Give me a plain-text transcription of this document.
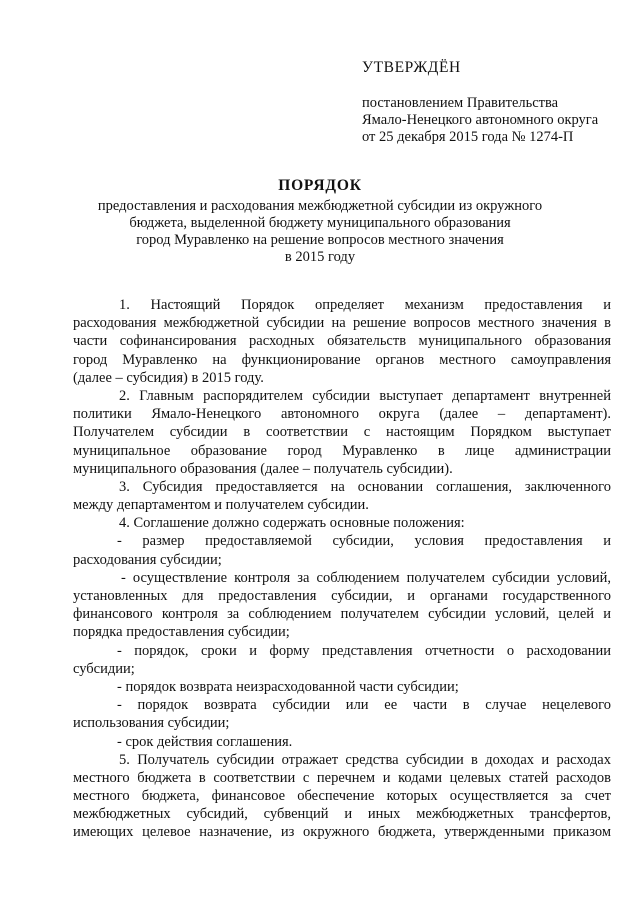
УТВЕРЖДЁН
постановлением Правительства
Ямало-Ненецкого автономного округа
от 25 декабря 2015 года № 1274-П
ПОРЯДОК
предоставления и расходования межбюджетной субсидии из окружного
бюджета, выделенной бюджету муниципального образования
город Муравленко на решение вопросов местного значения
в 2015 году
1. Настоящий Порядок определяет механизм предоставления и
расходования межбюджетной субсидии на решение вопросов местного значения в
части софинансирования расходных обязательств муниципального образования
город Муравленко на функционирование органов местного самоуправления
(далее – субсидия) в 2015 году.
2. Главным распорядителем субсидии выступает департамент внутренней
политики Ямало-Ненецкого автономного округа (далее – департамент).
Получателем субсидии в соответствии с настоящим Порядком выступает
муниципальное образование город Муравленко в лице администрации
муниципального образования (далее – получатель субсидии).
3. Субсидия предоставляется на основании соглашения, заключенного
между департаментом и получателем субсидии.
4. Соглашение должно содержать основные положения:
- размер предоставляемой субсидии, условия предоставления и
расходования субсидии;
- осуществление контроля за соблюдением получателем субсидии условий,
установленных для предоставления субсидии, и органами государственного
финансового контроля за соблюдением получателем субсидии условий, целей и
порядка предоставления субсидии;
- порядок, сроки и форму представления отчетности о расходовании
субсидии;
- порядок возврата неизрасходованной части субсидии;
- порядок возврата субсидии или ее части в случае нецелевого
использования субсидии;
- срок действия соглашения.
5. Получатель субсидии отражает средства субсидии в доходах и расходах
местного бюджета в соответствии с перечнем и кодами целевых статей расходов
местного бюджета, финансовое обеспечение которых осуществляется за счет
межбюджетных субсидий, субвенций и иных межбюджетных трансфертов,
имеющих целевое назначение, из окружного бюджета, утвержденными приказом
